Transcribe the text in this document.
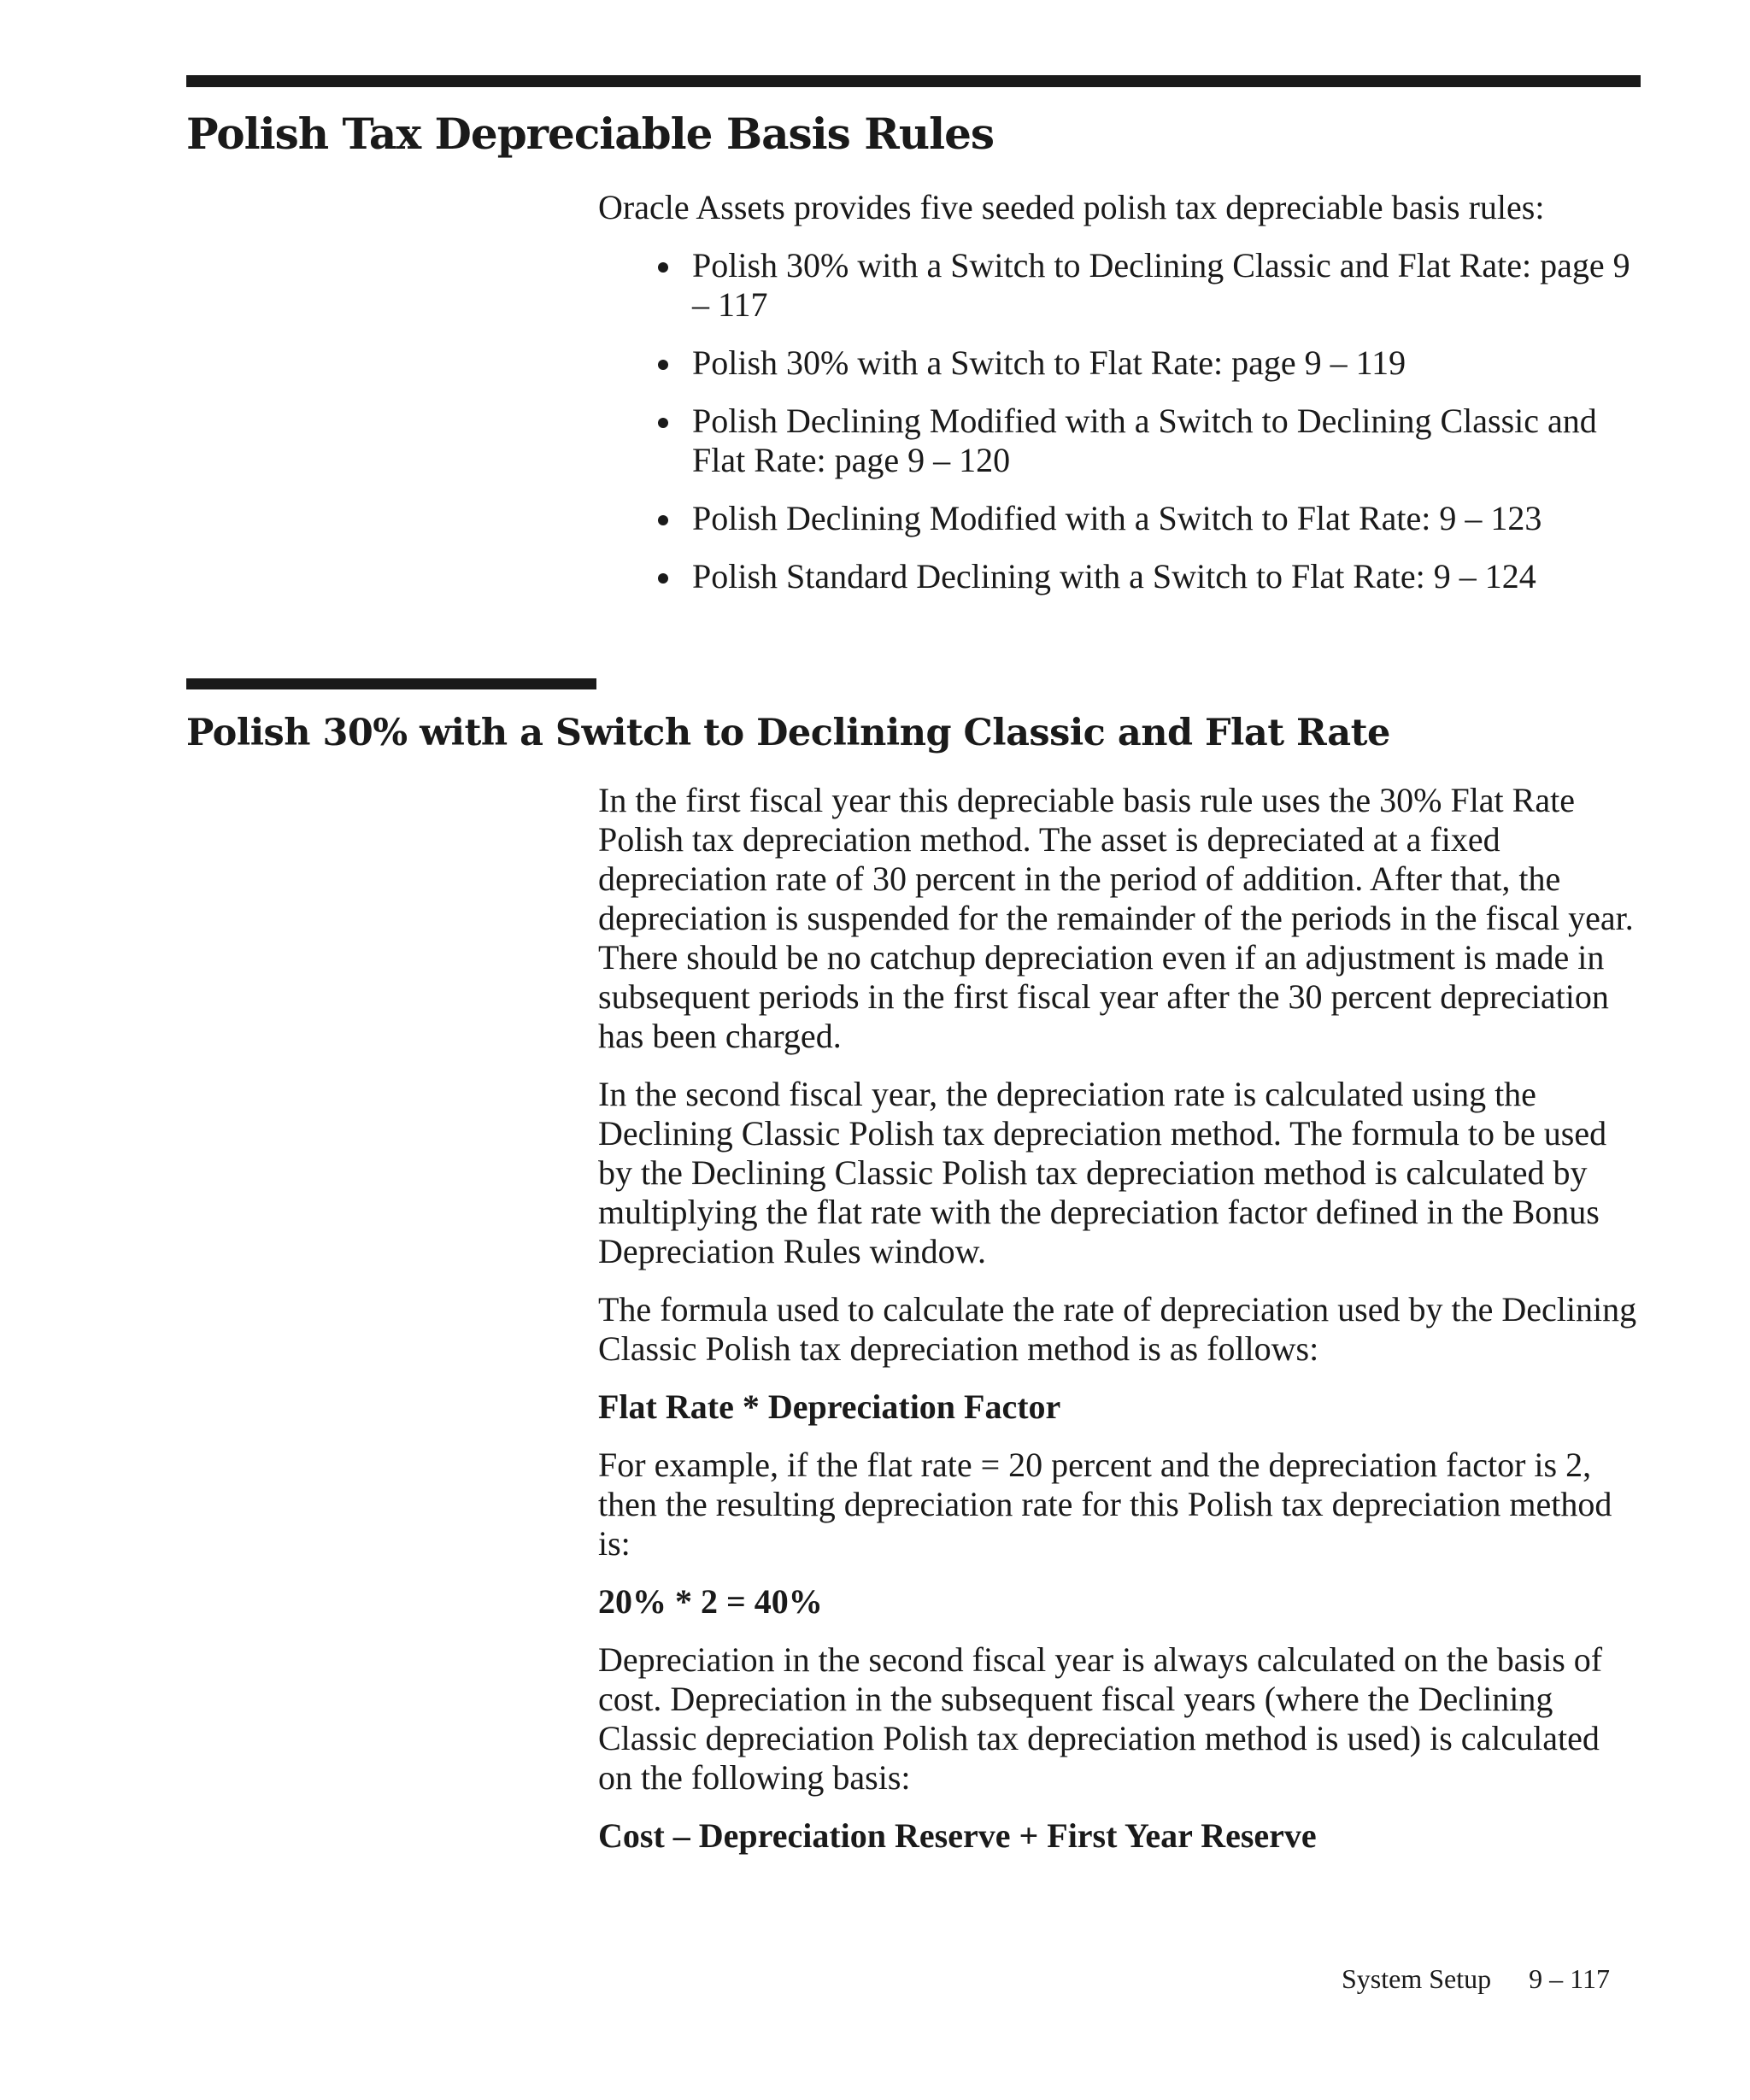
Polish Tax Depreciable Basis Rules

Oracle Assets provides five seeded polish tax depreciable basis rules:

Polish 30% with a Switch to Declining Classic and Flat Rate: page 9 – 117
Polish 30% with a Switch to Flat Rate: page 9 – 119
Polish Declining Modified with a Switch to Declining Classic and Flat Rate: page 9 – 120
Polish Declining Modified with a Switch to Flat Rate: 9 – 123
Polish Standard Declining with a Switch to Flat Rate: 9 – 124
Polish 30% with a Switch to Declining Classic and Flat Rate

In the first fiscal year this depreciable basis rule uses the 30% Flat Rate Polish tax depreciation method. The asset is depreciated at a fixed depreciation rate of 30 percent in the period of addition. After that, the depreciation is suspended for the remainder of the periods in the fiscal year. There should be no catchup depreciation even if an adjustment is made in subsequent periods in the first fiscal year after the 30 percent depreciation has been charged.

In the second fiscal year, the depreciation rate is calculated using the Declining Classic Polish tax depreciation method. The formula to be used by the Declining Classic Polish tax depreciation method is calculated by multiplying the flat rate with the depreciation factor defined in the Bonus Depreciation Rules window.

The formula used to calculate the rate of depreciation used by the Declining Classic Polish tax depreciation method is as follows:

Flat Rate * Depreciation Factor

For example, if the flat rate = 20 percent and the depreciation factor is 2, then the resulting depreciation rate for this Polish tax depreciation method is:

20% * 2 = 40%

Depreciation in the second fiscal year is always calculated on the basis of cost. Depreciation in the subsequent fiscal years (where the Declining Classic depreciation Polish tax depreciation method is used) is calculated on the following basis:

Cost – Depreciation Reserve + First Year Reserve

System Setup 9 – 117
